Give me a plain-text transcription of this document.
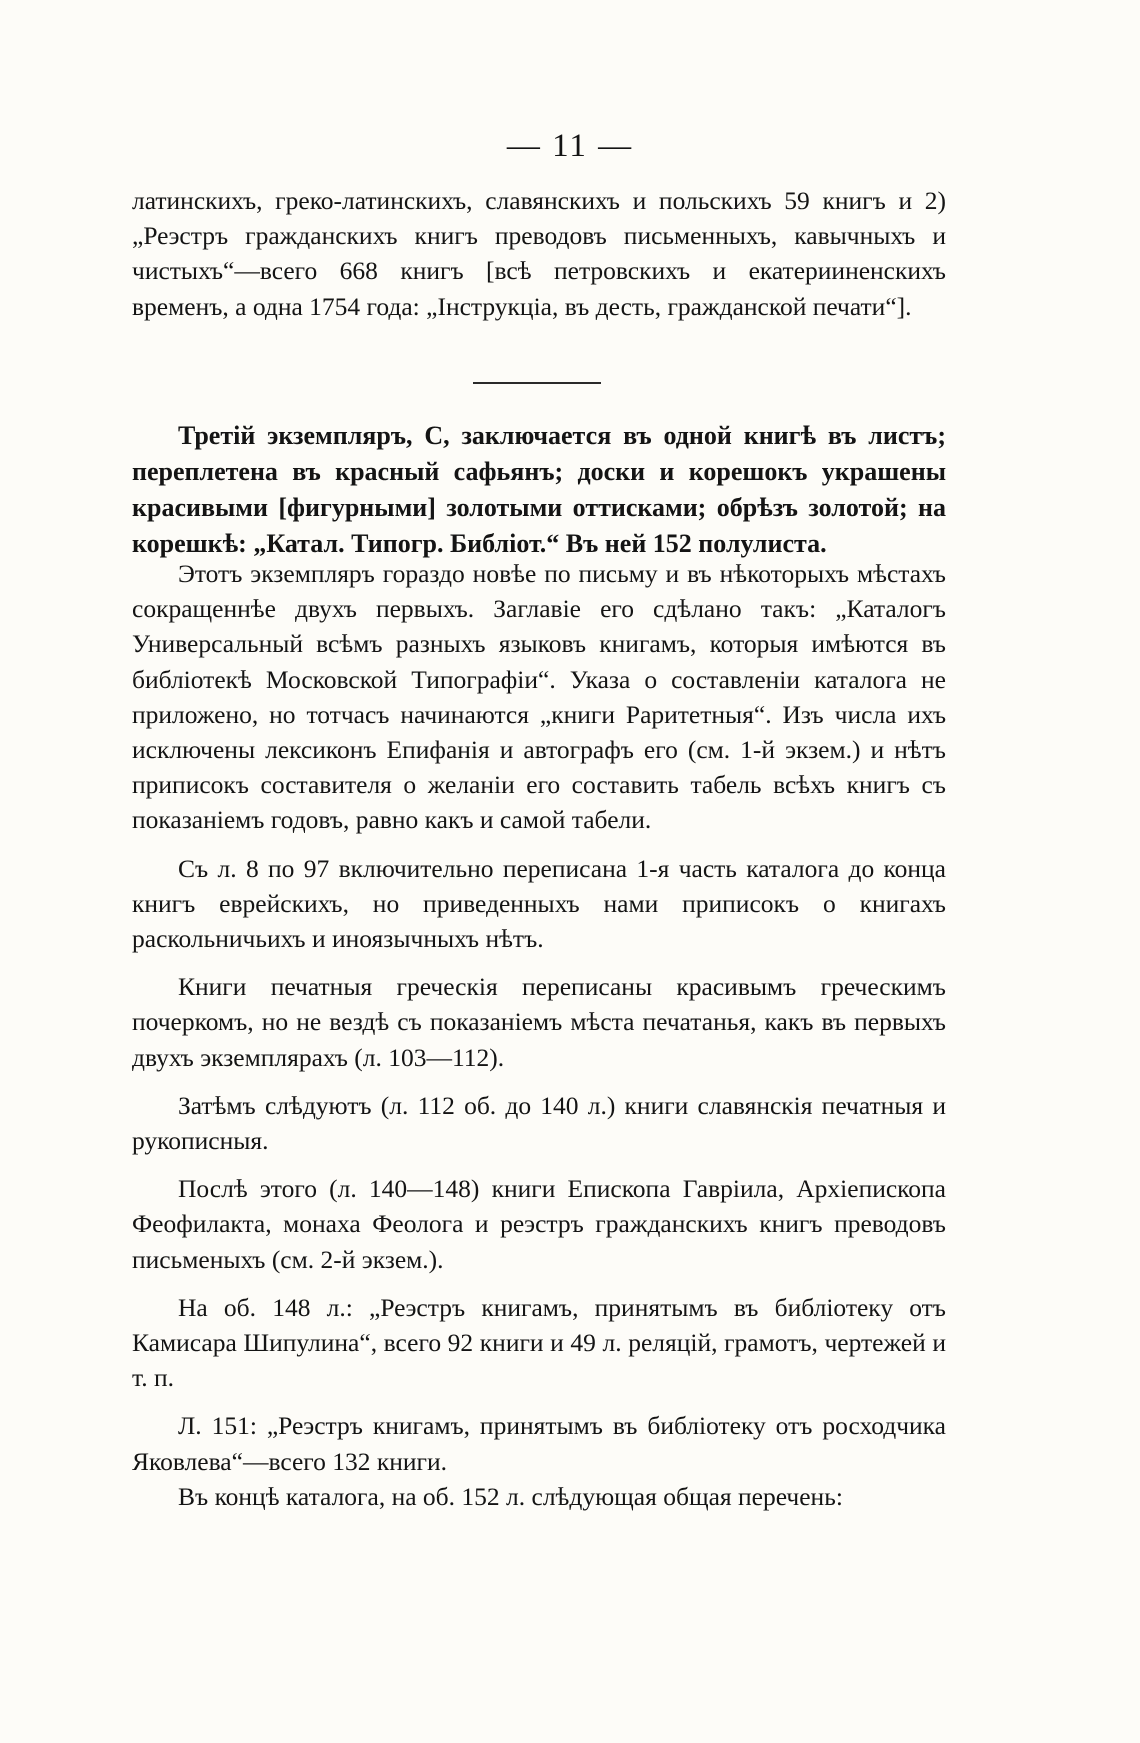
— 11 —

латинскихъ, греко-латинскихъ, славянскихъ и польскихъ 59 книгъ и 2) „Реэстръ гражданскихъ книгъ преводовъ письменныхъ, кавычныхъ и чистыхъ“—всего 668 книгъ [всѣ петровскихъ и екатерииненскихъ временъ, а одна 1754 года: „Інструкціа, въ десть, гражданской печати“].

Третій экземпляръ, С, заключается въ одной книгѣ въ листъ; переплетена въ красный сафьянъ; доски и корешокъ украшены красивыми [фигурными] золотыми оттисками; обрѣзъ золотой; на корешкѣ: „Катал. Типогр. Библіот.“ Въ ней 152 полулиста.

Этотъ экземпляръ гораздо новѣе по письму и въ нѣкоторыхъ мѣстахъ сокращеннѣе двухъ первыхъ. Заглавіе его сдѣлано такъ: „Каталогъ Универсальный всѣмъ разныхъ языковъ книгамъ, которыя имѣются въ библіотекѣ Московской Типографіи“. Указа о составленіи каталога не приложено, но тотчасъ начинаются „книги Раритетныя“. Изъ числа ихъ исключены лексиконъ Епифанія и автографъ его (см. 1-й экзем.) и нѣтъ приписокъ составителя о желаніи его составить табель всѣхъ книгъ съ показаніемъ годовъ, равно какъ и самой табели.

Съ л. 8 по 97 включительно переписана 1-я часть каталога до конца книгъ еврейскихъ, но приведенныхъ нами приписокъ о книгахъ раскольничьихъ и иноязычныхъ нѣтъ.

Книги печатныя греческія переписаны красивымъ греческимъ почеркомъ, но не вездѣ съ показаніемъ мѣста печатанья, какъ въ первыхъ двухъ экземплярахъ (л. 103—112).

Затѣмъ слѣдуютъ (л. 112 об. до 140 л.) книги славянскія печатныя и рукописныя.

Послѣ этого (л. 140—148) книги Епископа Гавріила, Архіепископа Феофилакта, монаха Феолога и реэстръ гражданскихъ книгъ преводовъ письменыхъ (см. 2-й экзем.).

На об. 148 л.: „Реэстръ книгамъ, принятымъ въ библіотеку отъ Камисара Шипулина“, всего 92 книги и 49 л. реляцій, грамотъ, чертежей и т. п.

Л. 151: „Реэстръ книгамъ, принятымъ въ библіотеку отъ росходчика Яковлева“—всего 132 книги.

Въ концѣ каталога, на об. 152 л. слѣдующая общая перечень:
